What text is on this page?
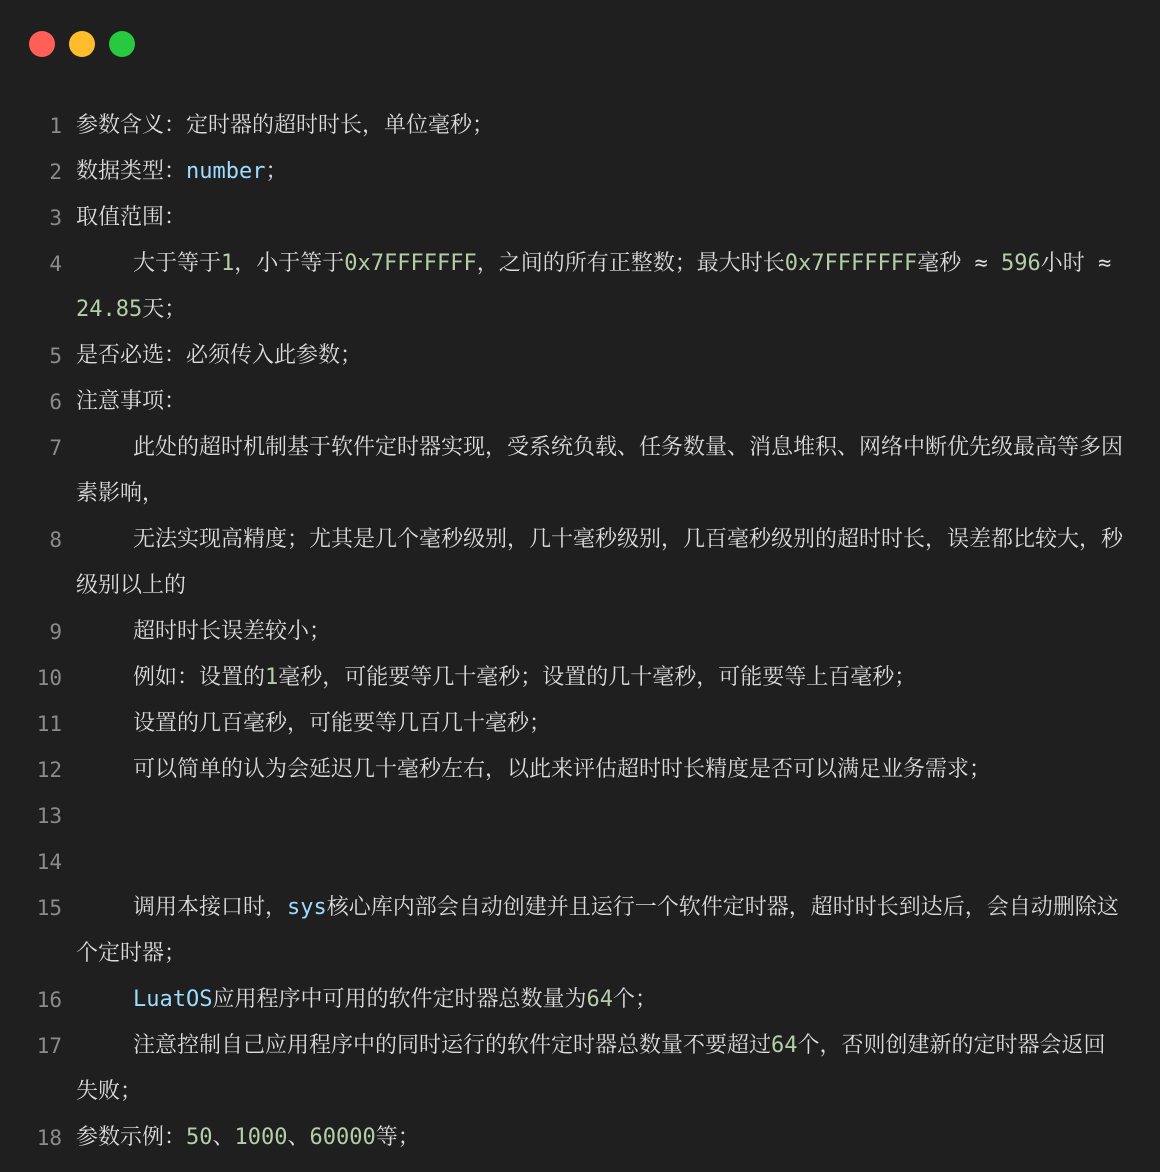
1 参数含义：定时器的超时时长，单位毫秒；
2 数据类型：number；
3 取值范围：
4	大于等于1，小于等于0x7FFFFFFF，之间的所有正整数；最大时长0x7FFFFFFF毫秒 ≈ 596小时 ≈ 24.85天；
5 是否必选：必须传入此参数；
6 注意事项：
7	此处的超时机制基于软件定时器实现，受系统负载、任务数量、消息堆积、网络中断优先级最高等多因素影响，
8	无法实现高精度；尤其是几个毫秒级别，几十毫秒级别，几百毫秒级别的超时时长，误差都比较大，秒级别以上的
9	超时时长误差较小；
10	例如：设置的1毫秒，可能要等几十毫秒；设置的几十毫秒，可能要等上百毫秒；
11	设置的几百毫秒，可能要等几百几十毫秒；
12	可以简单的认为会延迟几十毫秒左右，以此来评估超时时长精度是否可以满足业务需求；
13

14

15	调用本接口时，sys核心库内部会自动创建并且运行一个软件定时器，超时时长到达后，会自动删除这个定时器；
16	LuatOS应用程序中可用的软件定时器总数量为64个；
17	注意控制自己应用程序中的同时运行的软件定时器总数量不要超过64个，否则创建新的定时器会返回失败；
18 参数示例：50、1000、60000等；
